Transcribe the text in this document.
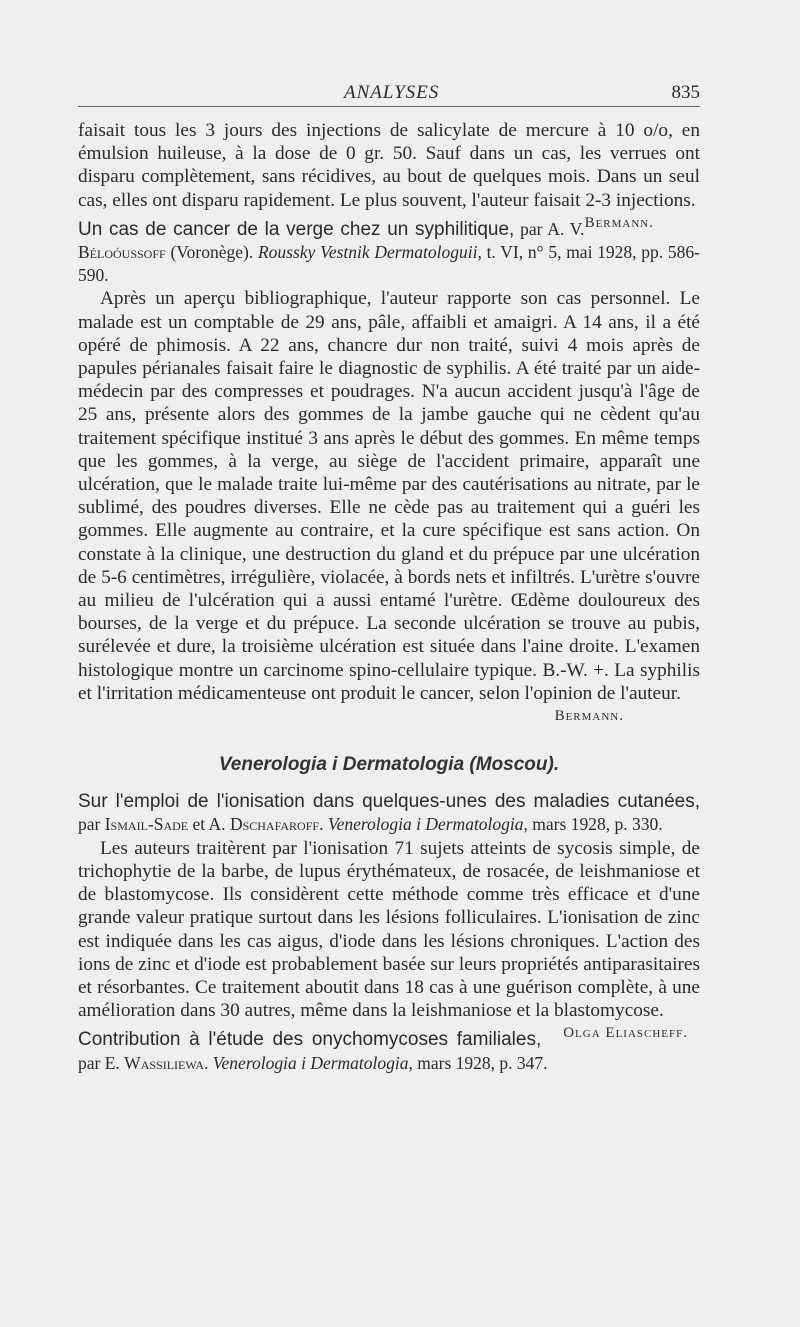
ANALYSES	835

faisait tous les 3 jours des injections de salicylate de mercure à 10 o/o, en émulsion huileuse, à la dose de 0 gr. 50. Sauf dans un cas, les verrues ont disparu complètement, sans récidives, au bout de quelques mois. Dans un seul cas, elles ont disparu rapidement. Le plus souvent, l'auteur faisait 2-3 injections.
Bermann.

Un cas de cancer de la verge chez un syphilitique, par A. V. Béloóussoff (Voronège). Roussky Vestnik Dermatologuii, t. VI, n° 5, mai 1928, pp. 586-590.

Après un aperçu bibliographique, l'auteur rapporte son cas personnel. Le malade est un comptable de 29 ans, pâle, affaibli et amaigri. A 14 ans, il a été opéré de phimosis. A 22 ans, chancre dur non traité, suivi 4 mois après de papules périanales faisait faire le diagnostic de syphilis. A été traité par un aide-médecin par des compresses et poudrages. N'a aucun accident jusqu'à l'âge de 25 ans, présente alors des gommes de la jambe gauche qui ne cèdent qu'au traitement spécifique institué 3 ans après le début des gommes. En même temps que les gommes, à la verge, au siège de l'accident primaire, apparaît une ulcération, que le malade traite lui-même par des cautérisations au nitrate, par le sublimé, des poudres diverses. Elle ne cède pas au traitement qui a guéri les gommes. Elle augmente au contraire, et la cure spécifique est sans action. On constate à la clinique, une destruction du gland et du prépuce par une ulcération de 5-6 centimètres, irrégulière, violacée, à bords nets et infiltrés. L'urètre s'ouvre au milieu de l'ulcération qui a aussi entamé l'urètre. Œdème douloureux des bourses, de la verge et du prépuce. La seconde ulcération se trouve au pubis, surélevée et dure, la troisième ulcération est située dans l'aine droite. L'examen histologique montre un carcinome spino-cellulaire typique. B.-W. +. La syphilis et l'irritation médicamenteuse ont produit le cancer, selon l'opinion de l'auteur.

Bermann.

Venerologia i Dermatologia (Moscou).

Sur l'emploi de l'ionisation dans quelques-unes des maladies cutanées, par Ismail-Sade et A. Dschafaroff. Venerologia i Dermatologia, mars 1928, p. 330.

Les auteurs traitèrent par l'ionisation 71 sujets atteints de sycosis simple, de trichophytie de la barbe, de lupus érythémateux, de rosacée, de leishmaniose et de blastomycose. Ils considèrent cette méthode comme très efficace et d'une grande valeur pratique surtout dans les lésions folliculaires. L'ionisation de zinc est indiquée dans les cas aigus, d'iode dans les lésions chroniques. L'action des ions de zinc et d'iode est probablement basée sur leurs propriétés antiparasitaires et résorbantes. Ce traitement aboutit dans 18 cas à une guérison complète, à une amélioration dans 30 autres, même dans la leishmaniose et la blastomycose.
Olga Eliascheff.

Contribution à l'étude des onychomycoses familiales, par E. Wassiliewa. Venerologia i Dermatologia, mars 1928, p. 347.
